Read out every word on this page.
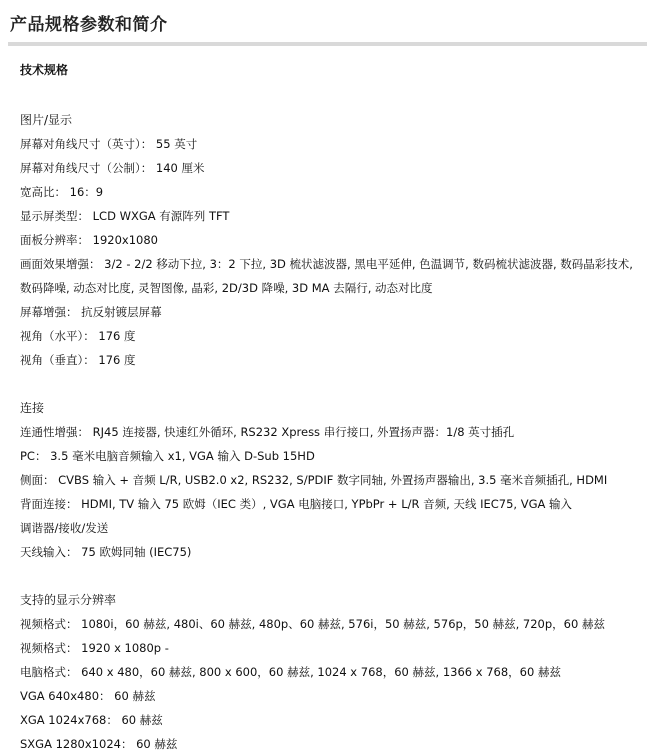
产品规格参数和简介
技术规格
图片/显示
屏幕对角线尺寸（英寸）： 55 英寸
屏幕对角线尺寸（公制）： 140 厘米
宽高比： 16：9
显示屏类型： LCD WXGA 有源阵列 TFT
面板分辨率： 1920x1080
画面效果增强： 3/2 - 2/2 移动下拉, 3：2 下拉, 3D 梳状滤波器, 黑电平延伸, 色温调节, 数码梳状滤波器, 数码晶彩技术, 数码降噪, 动态对比度, 灵智图像, 晶彩, 2D/3D 降噪, 3D MA 去隔行, 动态对比度
屏幕增强： 抗反射镀层屏幕
视角（水平）： 176 度
视角（垂直）： 176 度
连接
连通性增强： RJ45 连接器, 快速红外循环, RS232 Xpress 串行接口, 外置扬声器：1/8 英寸插孔
PC： 3.5 毫米电脑音频输入 x1, VGA 输入 D-Sub 15HD
侧面： CVBS 输入 + 音频 L/R, USB2.0 x2, RS232, S/PDIF 数字同轴, 外置扬声器输出, 3.5 毫米音频插孔, HDMI
背面连接： HDMI, TV 输入 75 欧姆（IEC 类）, VGA 电脑接口, YPbPr + L/R 音频, 天线 IEC75, VGA 输入
调谐器/接收/发送
天线输入： 75 欧姆同轴 (IEC75)
支持的显示分辨率
视频格式： 1080i，60 赫兹, 480i、60 赫兹, 480p、60 赫兹, 576i，50 赫兹, 576p，50 赫兹, 720p，60 赫兹
视频格式： 1920 x 1080p -
电脑格式： 640 x 480，60 赫兹, 800 x 600，60 赫兹, 1024 x 768，60 赫兹, 1366 x 768，60 赫兹
VGA 640x480： 60 赫兹
XGA 1024x768： 60 赫兹
SXGA 1280x1024： 60 赫兹
